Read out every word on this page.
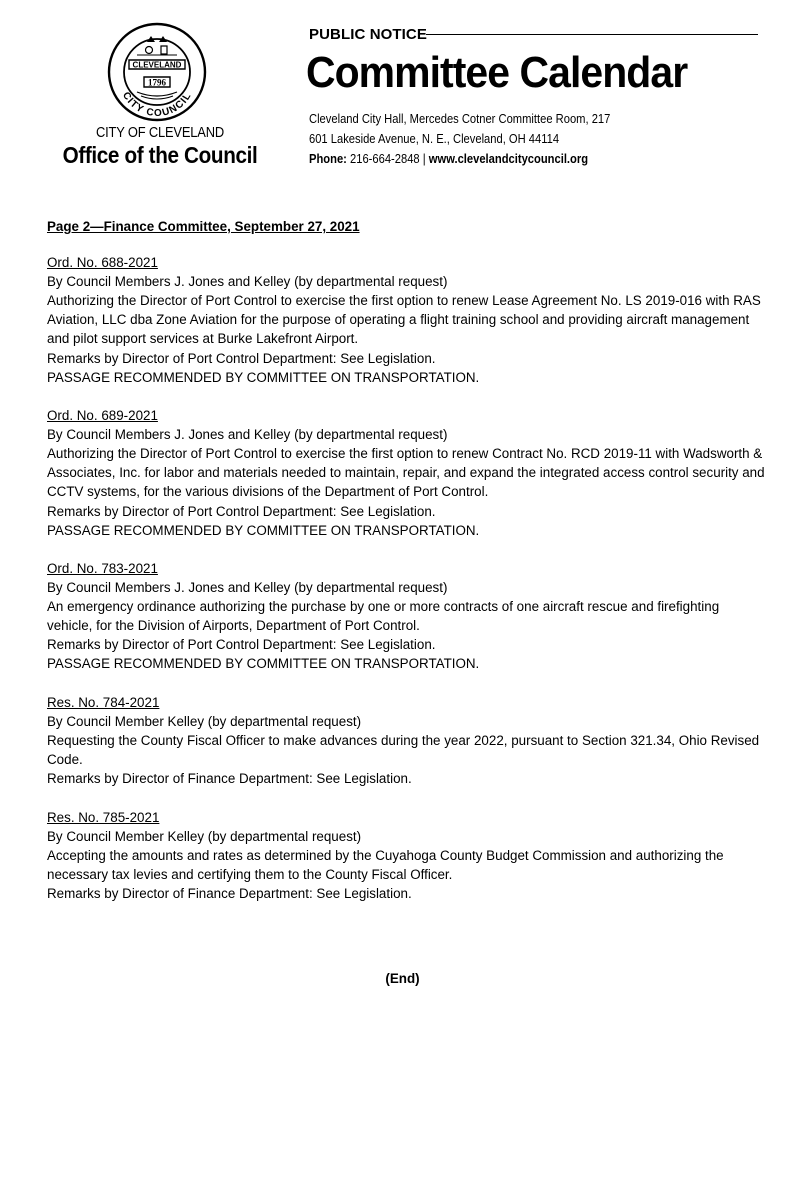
CLEVELAND
1796
CITY COUNCIL
CITY OF CLEVELAND
Office of the Council
PUBLIC NOTICE
Committee Calendar
Cleveland City Hall, Mercedes Cotner Committee Room, 217
601 Lakeside Avenue, N. E., Cleveland, OH 44114
Phone: 216-664-2848 | www.clevelandcitycouncil.org

Page 2—Finance Committee, September 27, 2021

Ord. No. 688-2021

By Council Members J. Jones and Kelley (by departmental request)

Authorizing the Director of Port Control to exercise the first option to renew Lease Agreement No. LS 2019-016 with RAS Aviation, LLC dba Zone Aviation for the purpose of operating a flight training school and providing aircraft management and pilot support services at Burke Lakefront Airport.

Remarks by Director of Port Control Department: See Legislation.

PASSAGE RECOMMENDED BY COMMITTEE ON TRANSPORTATION.

Ord. No. 689-2021

By Council Members J. Jones and Kelley (by departmental request)

Authorizing the Director of Port Control to exercise the first option to renew Contract No. RCD 2019-11 with Wadsworth & Associates, Inc. for labor and materials needed to maintain, repair, and expand the integrated access control security and CCTV systems, for the various divisions of the Department of Port Control.

Remarks by Director of Port Control Department: See Legislation.

PASSAGE RECOMMENDED BY COMMITTEE ON TRANSPORTATION.

Ord. No. 783-2021

By Council Members J. Jones and Kelley (by departmental request)

An emergency ordinance authorizing the purchase by one or more contracts of one aircraft rescue and firefighting vehicle, for the Division of Airports, Department of Port Control.

Remarks by Director of Port Control Department: See Legislation.

PASSAGE RECOMMENDED BY COMMITTEE ON TRANSPORTATION.

Res. No. 784-2021

By Council Member Kelley (by departmental request)

Requesting the County Fiscal Officer to make advances during the year 2022, pursuant to Section 321.34, Ohio Revised Code.

Remarks by Director of Finance Department: See Legislation.

Res. No. 785-2021

By Council Member Kelley (by departmental request)

Accepting the amounts and rates as determined by the Cuyahoga County Budget Commission and authorizing the necessary tax levies and certifying them to the County Fiscal Officer.

Remarks by Director of Finance Department: See Legislation.

(End)
